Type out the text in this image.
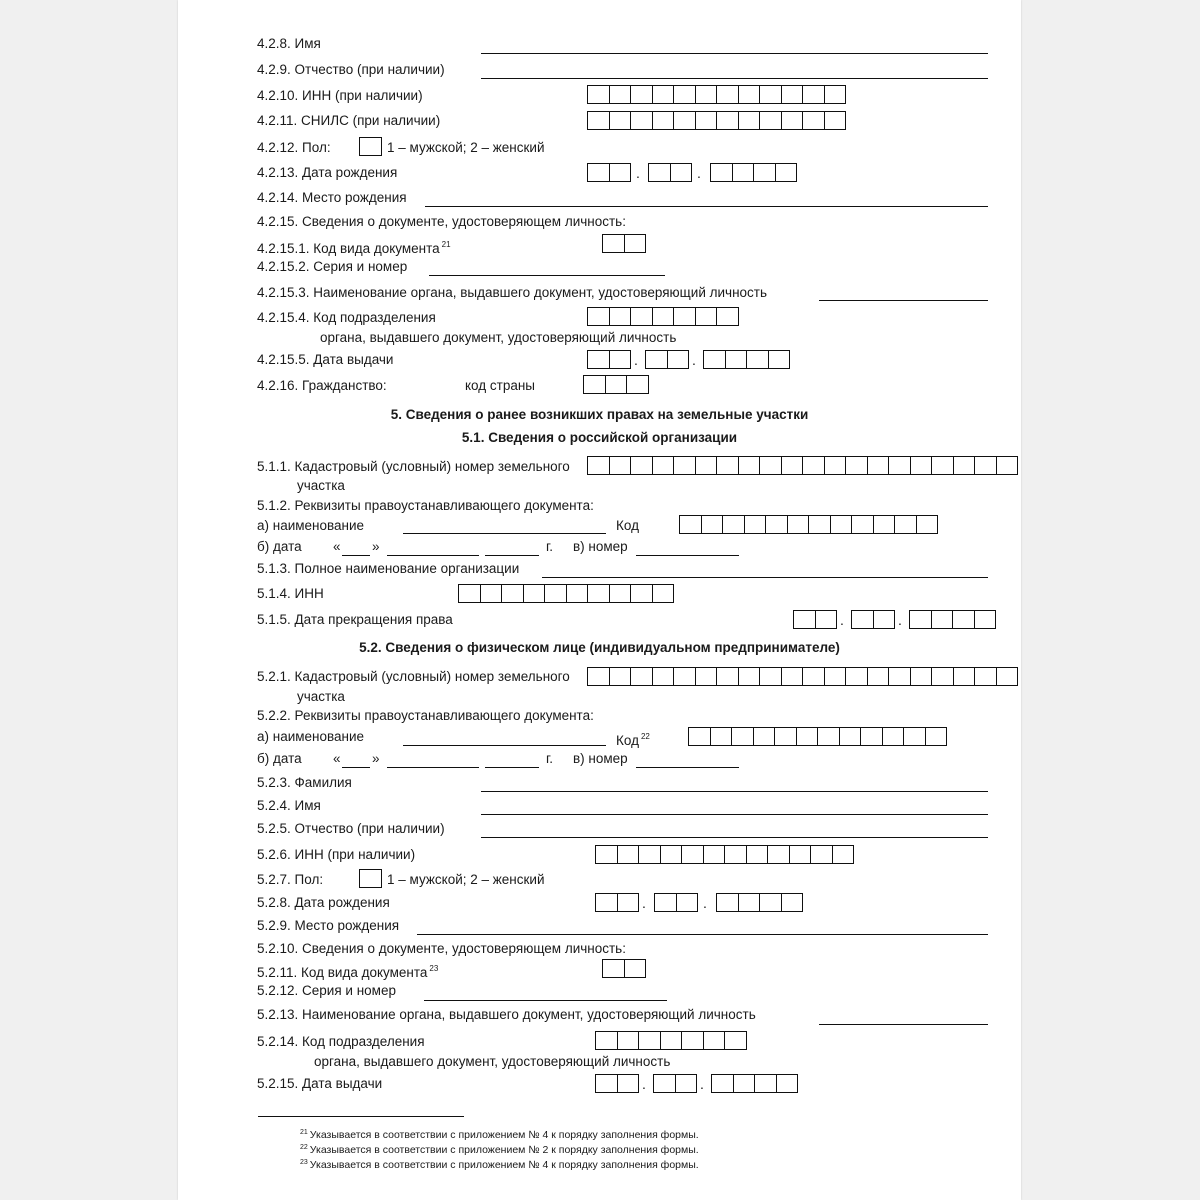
4.2.8. Имя
4.2.9. Отчество (при наличии)
4.2.10. ИНН (при наличии)
4.2.11. СНИЛС (при наличии)
4.2.12. Пол:	1 – мужской; 2 – женский
4.2.13. Дата рождения	.	.
4.2.14. Место рождения
4.2.15. Сведения о документе, удостоверяющем личность:
4.2.15.1. Код вида документа $^{21}$
4.2.15.2. Серия и номер
4.2.15.3. Наименование органа, выдавшего документ, удостоверяющий личность
4.2.15.4. Код подразделения
органа, выдавшего документ, удостоверяющий личность
4.2.15.5. Дата выдачи	.	.
4.2.16. Гражданство:	код страны
5. Сведения о ранее возникших правах на земельные участки
5.1. Сведения о российской организации
5.1.1. Кадастровый (условный) номер земельного
участка
5.1.2. Реквизиты правоустанавливающего документа:
а) наименование	Код
б) дата « »	г. в) номер
5.1.3. Полное наименование организации
5.1.4. ИНН
5.1.5. Дата прекращения права	.	.
5.2. Сведения о физическом лице (индивидуальном предпринимателе)
5.2.1. Кадастровый (условный) номер земельного
участка
5.2.2. Реквизиты правоустанавливающего документа:
а) наименование	Код $^{22}$
б) дата « »	г. в) номер
5.2.3. Фамилия
5.2.4. Имя
5.2.5. Отчество (при наличии)
5.2.6. ИНН (при наличии)
5.2.7. Пол:	1 – мужской; 2 – женский
5.2.8. Дата рождения	.	.
5.2.9. Место рождения
5.2.10. Сведения о документе, удостоверяющем личность:
5.2.11. Код вида документа $^{23}$
5.2.12. Серия и номер
5.2.13. Наименование органа, выдавшего документ, удостоверяющий личность
5.2.14. Код подразделения
органа, выдавшего документ, удостоверяющий личность
5.2.15. Дата выдачи	.	.
$^{21}$ Указывается в соответствии с приложением № 4 к порядку заполнения формы.
$^{22}$ Указывается в соответствии с приложением № 2 к порядку заполнения формы.
$^{23}$ Указывается в соответствии с приложением № 4 к порядку заполнения формы.
